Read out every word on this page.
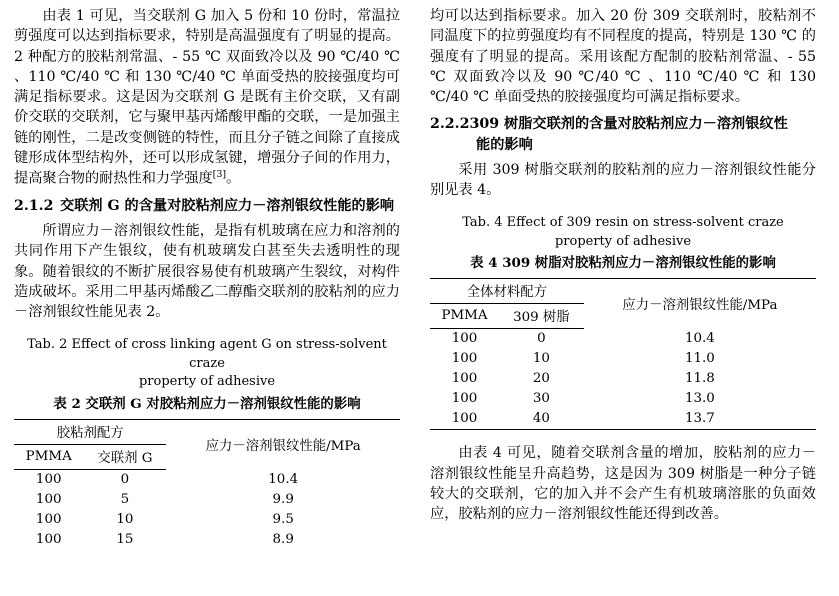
由表 1 可见，当交联剂 G 加入 5 份和 10 份时，常温拉剪强度可以达到指标要求，特别是高温强度有了明显的提高。2 种配方的胶粘剂常温、- 55 ℃ 双面致冷以及 90 ℃/40 ℃ 、110 ℃/40 ℃ 和 130 ℃/40 ℃ 单面受热的胶接强度均可满足指标要求。这是因为交联剂 G 是既有主价交联，又有副价交联的交联剂，它与聚甲基丙烯酸甲酯的交联，一是加强主链的刚性，二是改变侧链的特性，而且分子链之间除了直接成键形成体型结构外，还可以形成氢键，增强分子间的作用力，提高聚合物的耐热性和力学强度[3]。

2.1.2 交联剂 G 的含量对胶粘剂应力－溶剂银纹性能的影响

所谓应力－溶剂银纹性能，是指有机玻璃在应力和溶剂的共同作用下产生银纹，使有机玻璃发白甚至失去透明性的现象。随着银纹的不断扩展很容易使有机玻璃产生裂纹，对构件造成破坏。采用二甲基丙烯酸乙二醇酯交联剂的胶粘剂的应力－溶剂银纹性能见表 2。

Tab. 2 Effect of cross linking agent G on stress-solvent craze
property of adhesive
表 2 交联剂 G 对胶粘剂应力－溶剂银纹性能的影响
胶粘剂配方		应力－溶剂银纹性能/MPa
PMMA	交联剂 G	
100	0	10.4
100	5	9.9
100	10	9.5
100	15	8.9

均可以达到指标要求。加入 20 份 309 交联剂时，胶粘剂不同温度下的拉剪强度均有不同程度的提高，特别是 130 ℃ 的强度有了明显的提高。采用该配方配制的胶粘剂常温、- 55 ℃ 双面致冷以及 90 ℃/40 ℃ 、110 ℃/40 ℃ 和 130 ℃/40 ℃ 单面受热的胶接强度均可满足指标要求。

2.2.2309 树脂交联剂的含量对胶粘剂应力－溶剂银纹性
能的影响

采用 309 树脂交联剂的胶粘剂的应力－溶剂银纹性能分别见表 4。

Tab. 4 Effect of 309 resin on stress-solvent craze
property of adhesive
表 4 309 树脂对胶粘剂应力－溶剂银纹性能的影响
全体材料配方		应力－溶剂银纹性能/MPa
PMMA	309 树脂	
100	0	10.4
100	10	11.0
100	20	11.8
100	30	13.0
100	40	13.7

由表 4 可见，随着交联剂含量的增加，胶粘剂的应力－溶剂银纹性能呈升高趋势，这是因为 309 树脂是一种分子链较大的交联剂，它的加入并不会产生有机玻璃溶胀的负面效应，胶粘剂的应力－溶剂银纹性能还得到改善。
